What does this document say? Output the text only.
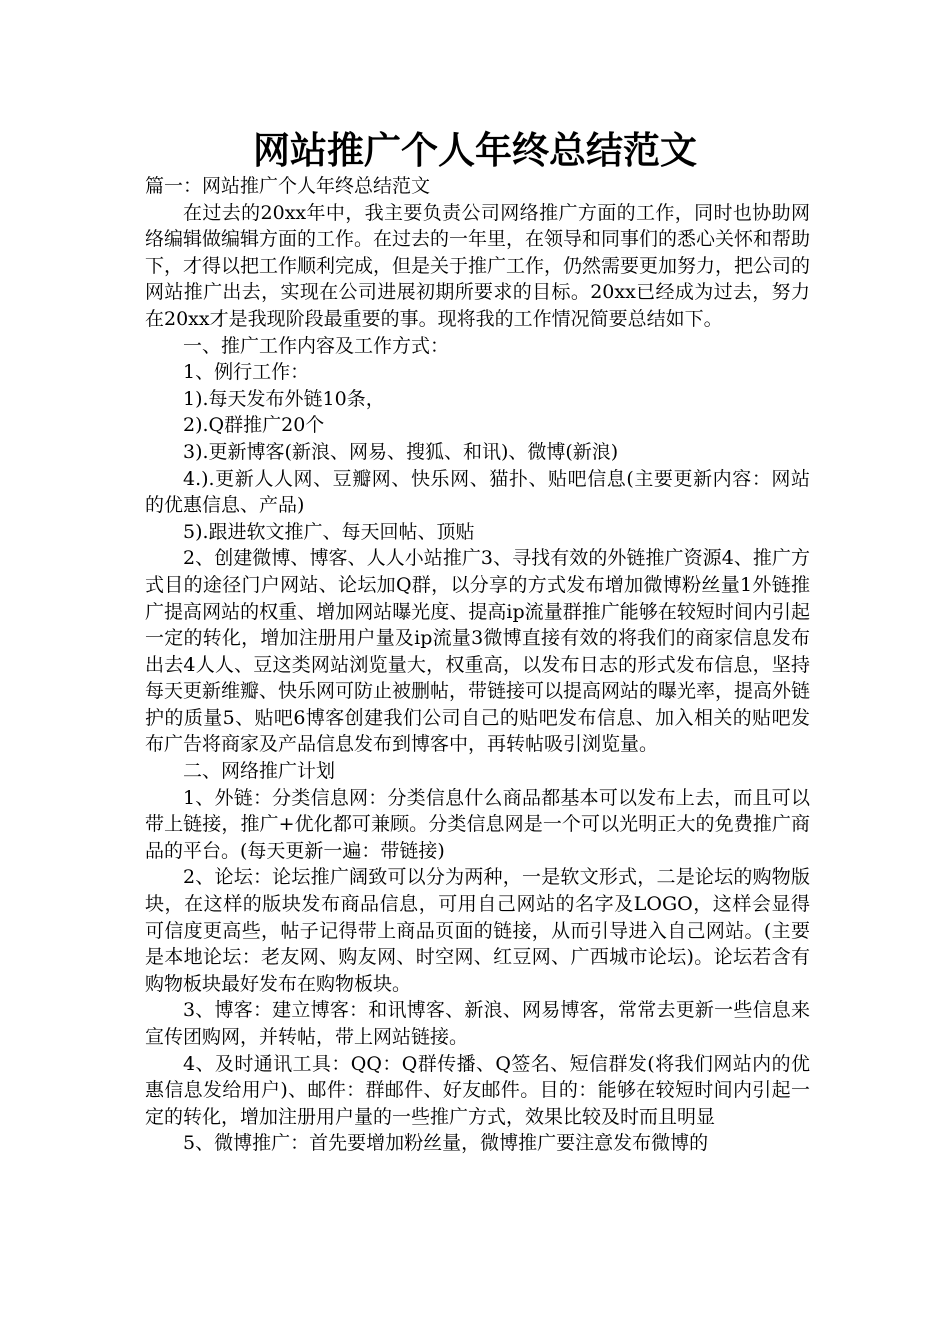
网站推广个人年终总结范文

篇一：网站推广个人年终总结范文

在过去的20xx年中，我主要负责公司网络推广方面的工作，同时也协助网络编辑做编辑方面的工作。在过去的一年里，在领导和同事们的悉心关怀和帮助下，才得以把工作顺利完成，但是关于推广工作，仍然需要更加努力，把公司的网站推广出去，实现在公司进展初期所要求的目标。20xx已经成为过去，努力在20xx才是我现阶段最重要的事。现将我的工作情况简要总结如下。

一、推广工作内容及工作方式：

1、例行工作：

1).每天发布外链10条，

2).Q群推广20个

3).更新博客(新浪、网易、搜狐、和讯)、微博(新浪)

4.).更新人人网、豆瓣网、快乐网、猫扑、贴吧信息(主要更新内容：网站的优惠信息、产品)

5).跟进软文推广、每天回帖、顶贴

2、创建微博、博客、人人小站推广3、寻找有效的外链推广资源4、推广方式目的途径门户网站、论坛加Q群，以分享的方式发布增加微博粉丝量1外链推广提高网站的权重、增加网站曝光度、提高ip流量群推广能够在较短时间内引起一定的转化，增加注册用户量及ip流量3微博直接有效的将我们的商家信息发布出去4人人、豆这类网站浏览量大，权重高，以发布日志的形式发布信息，坚持每天更新维瓣、快乐网可防止被删帖，带链接可以提高网站的曝光率，提高外链护的质量5、贴吧6博客创建我们公司自己的贴吧发布信息、加入相关的贴吧发布广告将商家及产品信息发布到博客中，再转帖吸引浏览量。

二、网络推广计划

1、外链：分类信息网：分类信息什么商品都基本可以发布上去，而且可以带上链接，推广+优化都可兼顾。分类信息网是一个可以光明正大的免费推广商品的平台。(每天更新一遍：带链接)

2、论坛：论坛推广阔致可以分为两种，一是软文形式，二是论坛的购物版块，在这样的版块发布商品信息，可用自己网站的名字及LOGO，这样会显得可信度更高些，帖子记得带上商品页面的链接，从而引导进入自己网站。(主要是本地论坛：老友网、购友网、时空网、红豆网、广西城市论坛)。论坛若含有购物板块最好发布在购物板块。

3、博客：建立博客：和讯博客、新浪、网易博客，常常去更新一些信息来宣传团购网，并转帖，带上网站链接。

4、及时通讯工具：QQ：Q群传播、Q签名、短信群发(将我们网站内的优惠信息发给用户)、邮件：群邮件、好友邮件。目的：能够在较短时间内引起一定的转化，增加注册用户量的一些推广方式，效果比较及时而且明显

5、微博推广：首先要增加粉丝量，微博推广要注意发布微博的
